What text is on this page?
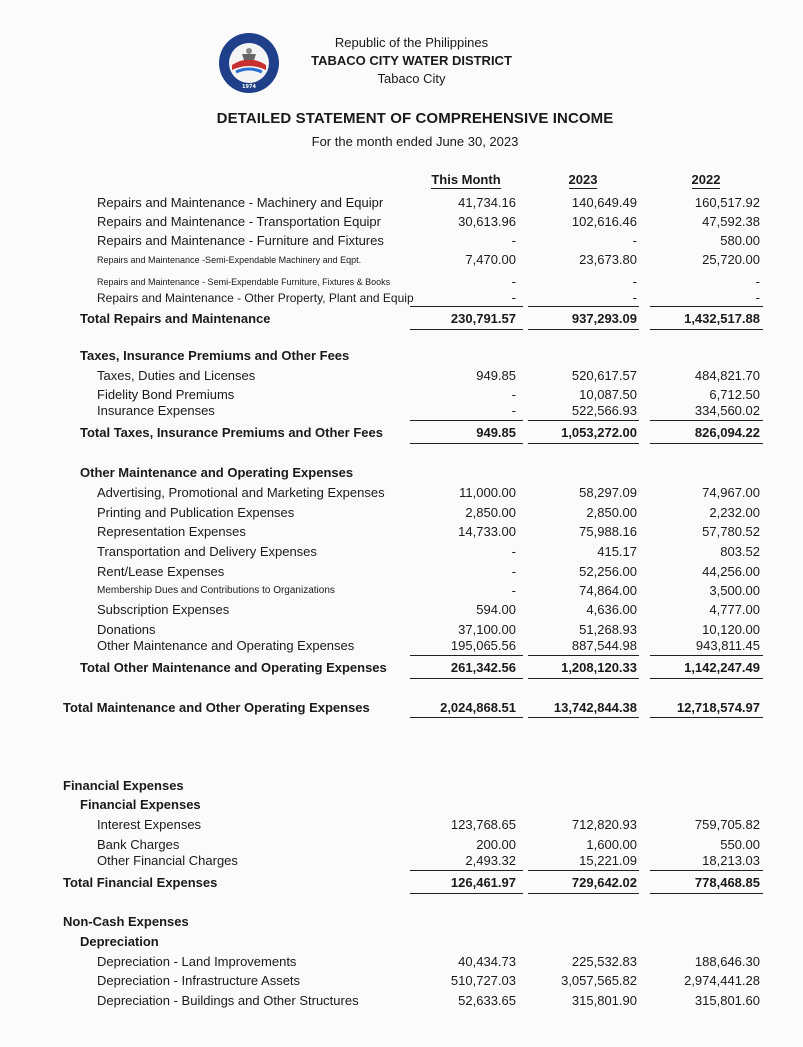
1974
Republic of the Philippines
TABACO CITY WATER DISTRICT
Tabaco City
DETAILED STATEMENT OF COMPREHENSIVE INCOME
For the month ended June 30, 2023
This Month	2023	2022
Repairs and Maintenance - Machinery and Equipr	41,734.16	140,649.49	160,517.92
Repairs and Maintenance - Transportation Equipr	30,613.96	102,616.46	47,592.38
Repairs and Maintenance - Furniture and Fixtures	-	-	580.00
Repairs and Maintenance -Semi-Expendable Machinery and Eqpt.	7,470.00	23,673.80	25,720.00
Repairs and Maintenance - Semi-Expendable Furniture, Fixtures & Books	-	-	-
Repairs and Maintenance - Other Property, Plant and Equip	-	-	-
Total Repairs and Maintenance	230,791.57	937,293.09	1,432,517.88
Taxes, Insurance Premiums and Other Fees
Taxes, Duties and Licenses	949.85	520,617.57	484,821.70
Fidelity Bond Premiums	-	10,087.50	6,712.50
Insurance Expenses	-	522,566.93	334,560.02
Total Taxes, Insurance Premiums and Other Fees	949.85	1,053,272.00	826,094.22
Other Maintenance and Operating Expenses
Advertising, Promotional and Marketing Expenses	11,000.00	58,297.09	74,967.00
Printing and Publication Expenses	2,850.00	2,850.00	2,232.00
Representation Expenses	14,733.00	75,988.16	57,780.52
Transportation and Delivery Expenses	-	415.17	803.52
Rent/Lease Expenses	-	52,256.00	44,256.00
Membership Dues and Contributions to Organizations	-	74,864.00	3,500.00
Subscription Expenses	594.00	4,636.00	4,777.00
Donations	37,100.00	51,268.93	10,120.00
Other Maintenance and Operating Expenses	195,065.56	887,544.98	943,811.45
Total Other Maintenance and Operating Expenses	261,342.56	1,208,120.33	1,142,247.49
Total Maintenance and Other Operating Expenses	2,024,868.51	13,742,844.38	12,718,574.97
Financial Expenses
Financial Expenses
Interest Expenses	123,768.65	712,820.93	759,705.82
Bank Charges	200.00	1,600.00	550.00
Other Financial Charges	2,493.32	15,221.09	18,213.03
Total Financial Expenses	126,461.97	729,642.02	778,468.85
Non-Cash Expenses
Depreciation
Depreciation - Land Improvements	40,434.73	225,532.83	188,646.30
Depreciation - Infrastructure Assets	510,727.03	3,057,565.82	2,974,441.28
Depreciation - Buildings and Other Structures	52,633.65	315,801.90	315,801.60
